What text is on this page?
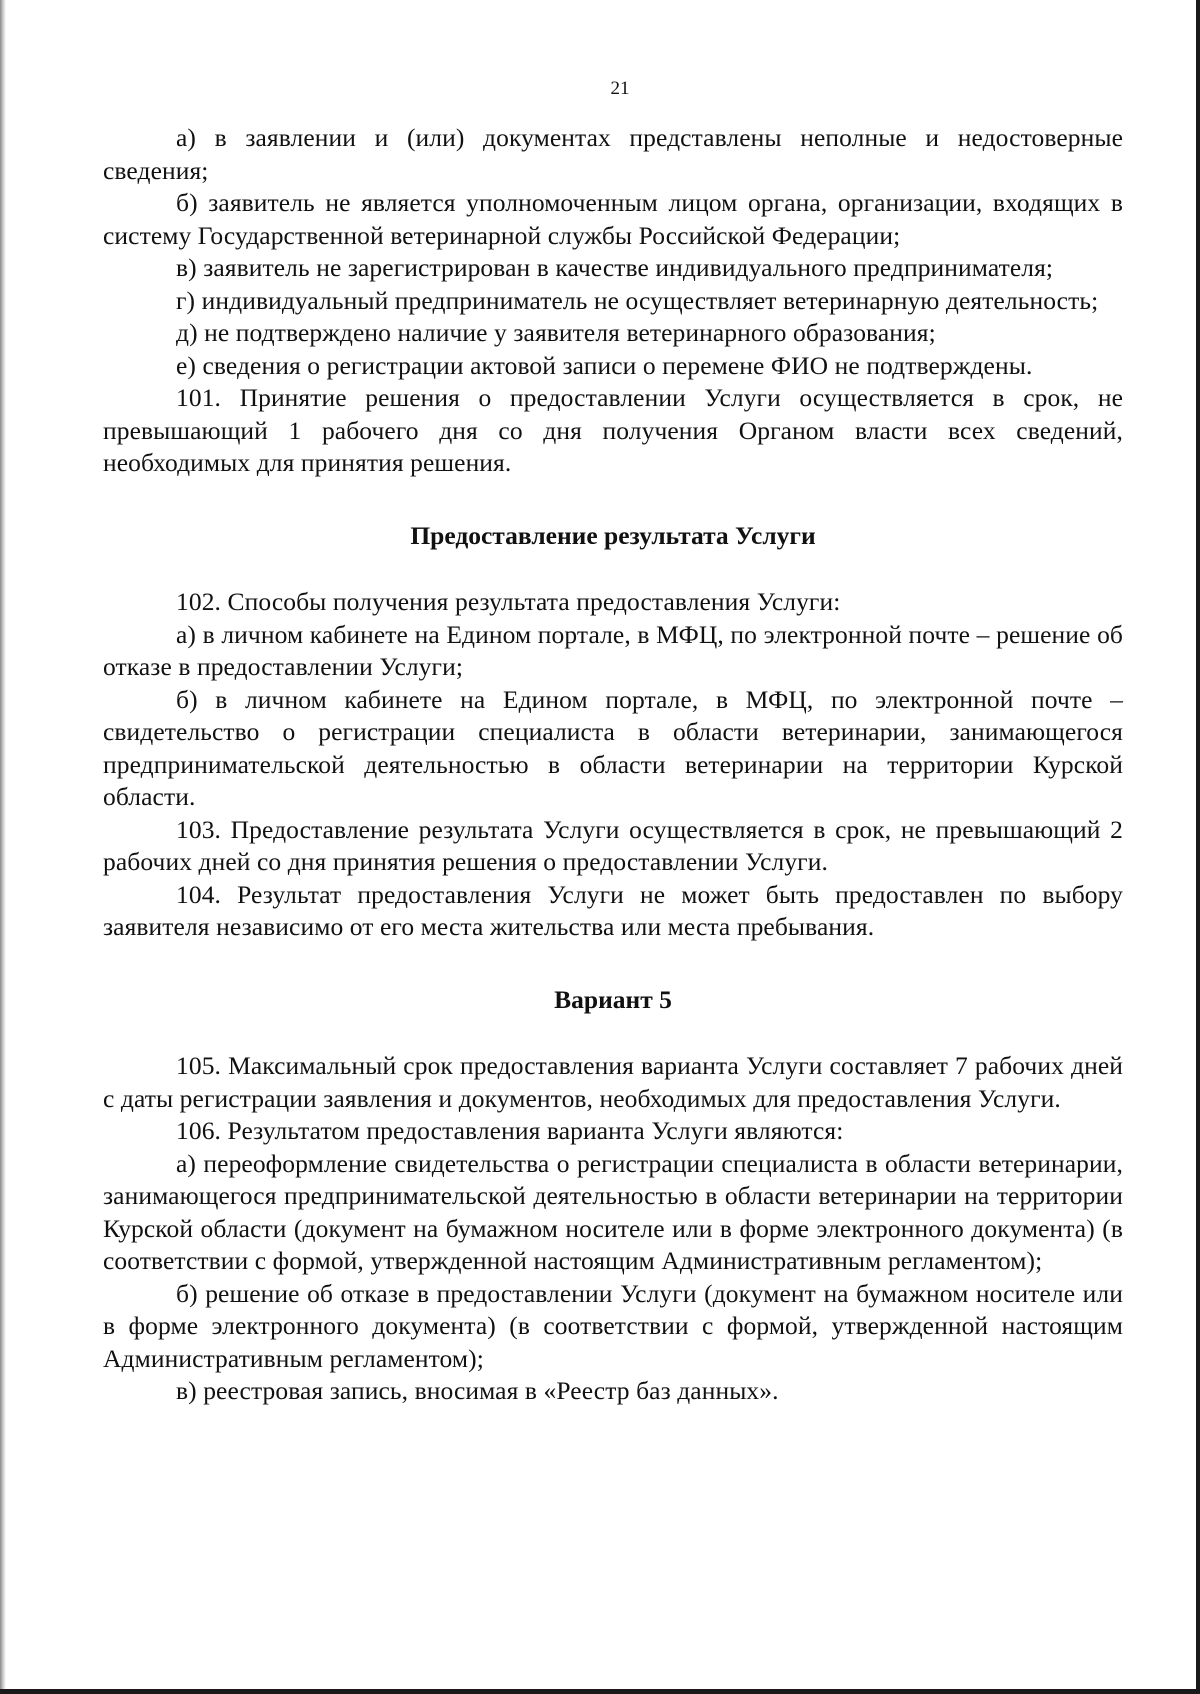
21

а) в заявлении и (или) документах представлены неполные и недостоверные сведения;

б) заявитель не является уполномоченным лицом органа, организации, входящих в систему Государственной ветеринарной службы Российской Федерации;

в) заявитель не зарегистрирован в качестве индивидуального предпринимателя;

г) индивидуальный предприниматель не осуществляет ветеринарную деятельность;

д) не подтверждено наличие у заявителя ветеринарного образования;

е) сведения о регистрации актовой записи о перемене ФИО не подтверждены.

101. Принятие решения о предоставлении Услуги осуществляется в срок, не превышающий 1 рабочего дня со дня получения Органом власти всех сведений, необходимых для принятия решения.

Предоставление результата Услуги

102. Способы получения результата предоставления Услуги:

а) в личном кабинете на Едином портале, в МФЦ, по электронной почте – решение об отказе в предоставлении Услуги;

б) в личном кабинете на Едином портале, в МФЦ, по электронной почте – свидетельство о регистрации специалиста в области ветеринарии, занимающегося предпринимательской деятельностью в области ветеринарии на территории Курской области.

103. Предоставление результата Услуги осуществляется в срок, не превышающий 2 рабочих дней со дня принятия решения о предоставлении Услуги.

104. Результат предоставления Услуги не может быть предоставлен по выбору заявителя независимо от его места жительства или места пребывания.

Вариант 5

105. Максимальный срок предоставления варианта Услуги составляет 7 рабочих дней с даты регистрации заявления и документов, необходимых для предоставления Услуги.

106. Результатом предоставления варианта Услуги являются:

а) переоформление свидетельства о регистрации специалиста в области ветеринарии, занимающегося предпринимательской деятельностью в области ветеринарии на территории Курской области (документ на бумажном носителе или в форме электронного документа) (в соответствии с формой, утвержденной настоящим Административным регламентом);

б) решение об отказе в предоставлении Услуги (документ на бумажном носителе или в форме электронного документа) (в соответствии с формой, утвержденной настоящим Административным регламентом);

в) реестровая запись, вносимая в «Реестр баз данных».
